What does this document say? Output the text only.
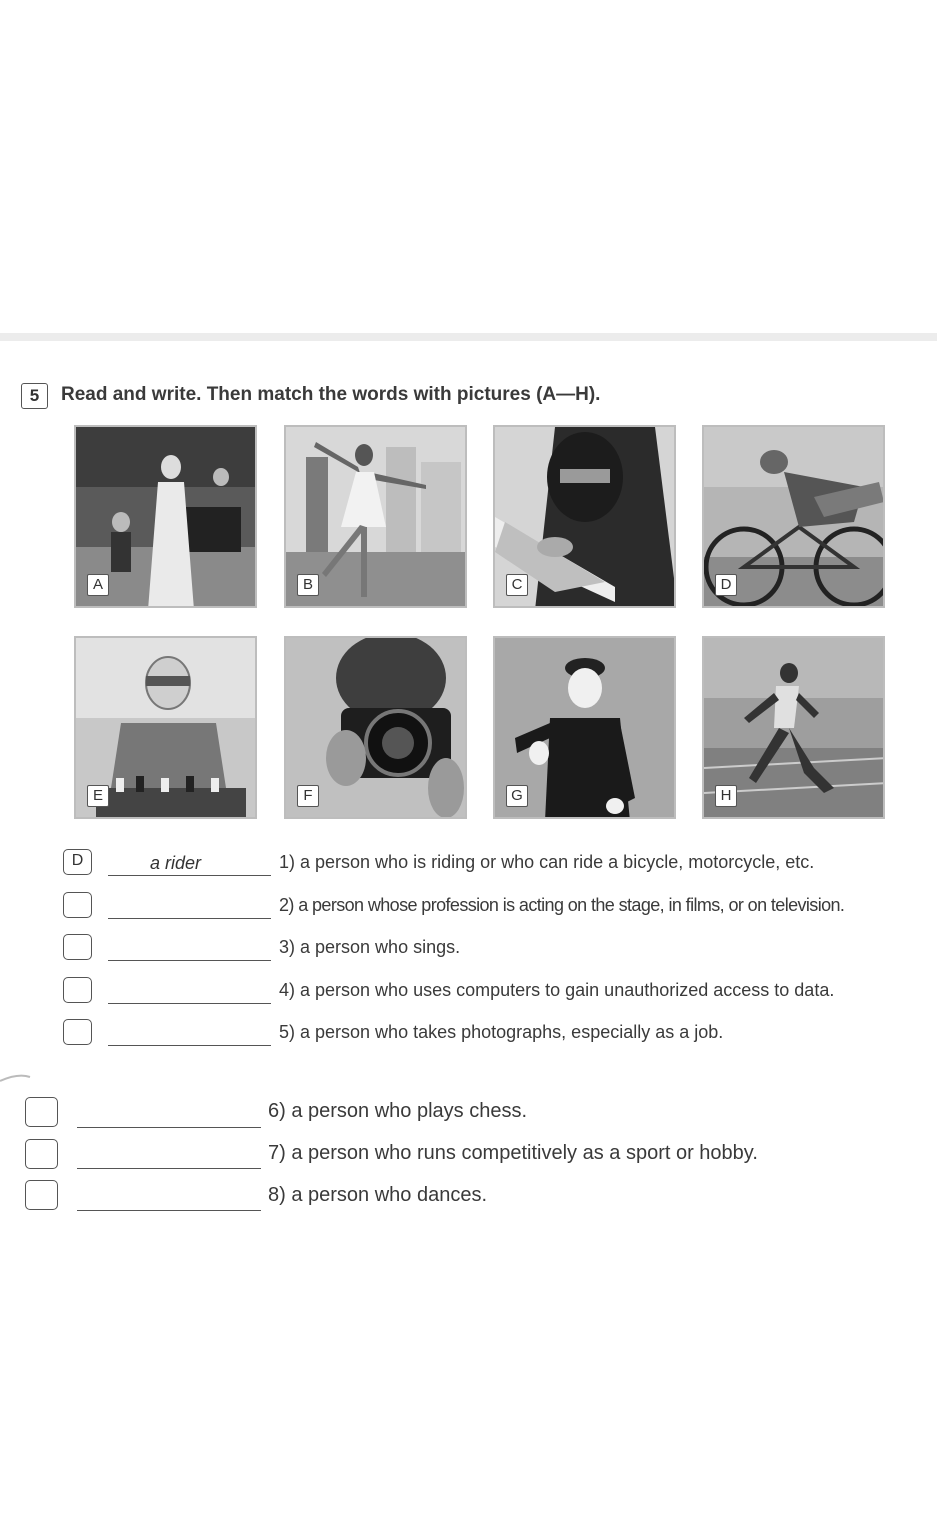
5	Read and write. Then match the words with pictures (A—H).
A	B	C	D
E	F	G	H
D	a rider	1) a person who is riding or who can ride a bicycle, motorcycle, etc.
2) a person whose profession is acting on the stage, in films, or on television.
3) a person who sings.
4) a person who uses computers to gain unauthorized access to data.
5) a person who takes photographs, especially as a job.
6) a person who plays chess.
7) a person who runs competitively as a sport or hobby.
8) a person who dances.
